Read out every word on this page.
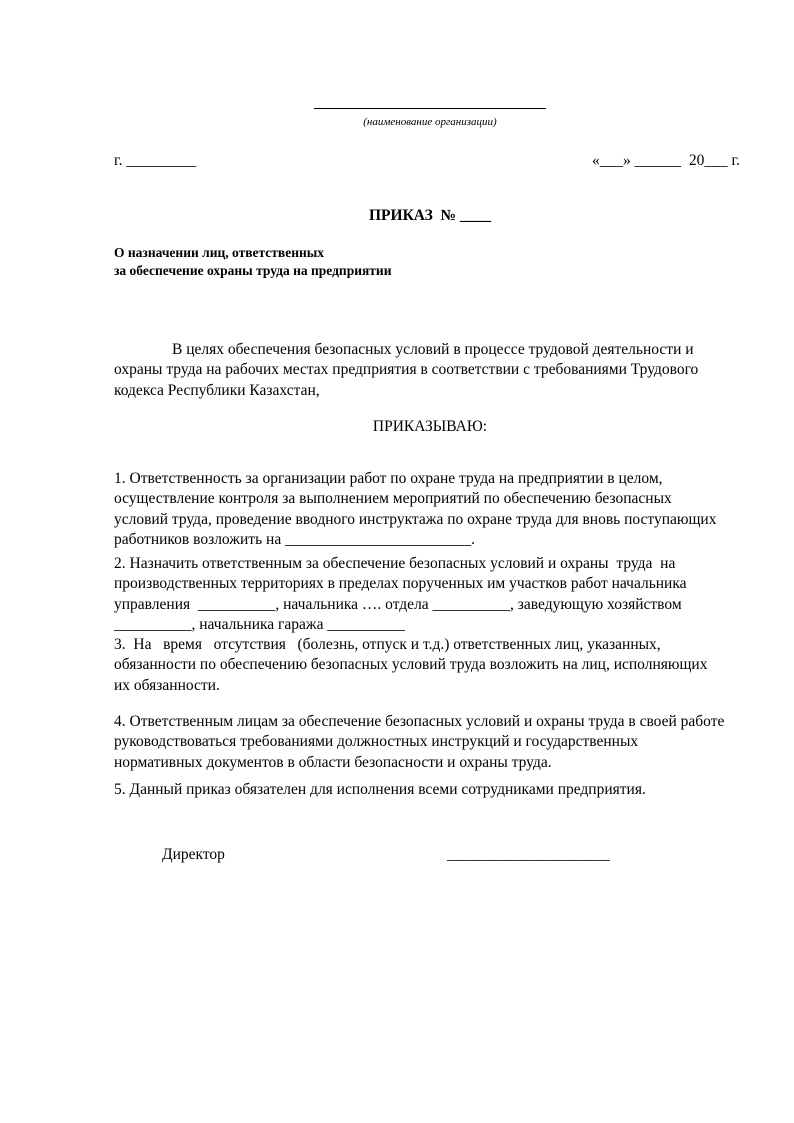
(наименование организации)
г. _________	«___» ______  20___ г.
ПРИКАЗ  № ____
О назначении лиц, ответственных
за обеспечение охраны труда на предприятии
В целях обеспечения безопасных условий в процессе трудовой деятельности и
охраны труда на рабочих местах предприятия в соответствии с требованиями Трудового
кодекса Республики Казахстан,
ПРИКАЗЫВАЮ:
1. Ответственность за организации работ по охране труда на предприятии в целом,
осуществление контроля за выполнением мероприятий по обеспечению безопасных
условий труда, проведение вводного инструктажа по охране труда для вновь поступающих
работников возложить на ________________________.
2. Назначить ответственным за обеспечение безопасных условий и охраны  труда  на
производственных территориях в пределах порученных им участков работ начальника
управления  __________, начальника …. отдела __________, заведующую хозяйством
__________, начальника гаража __________
3.  На   время   отсутствия   (болезнь, отпуск и т.д.) ответственных лиц, указанных,
обязанности по обеспечению безопасных условий труда возложить на лиц, исполняющих
их обязанности.
4. Ответственным лицам за обеспечение безопасных условий и охраны труда в своей работе
руководствоваться требованиями должностных инструкций и государственных
нормативных документов в области безопасности и охраны труда.
5. Данный приказ обязателен для исполнения всеми сотрудниками предприятия.
Директор	_____________________
